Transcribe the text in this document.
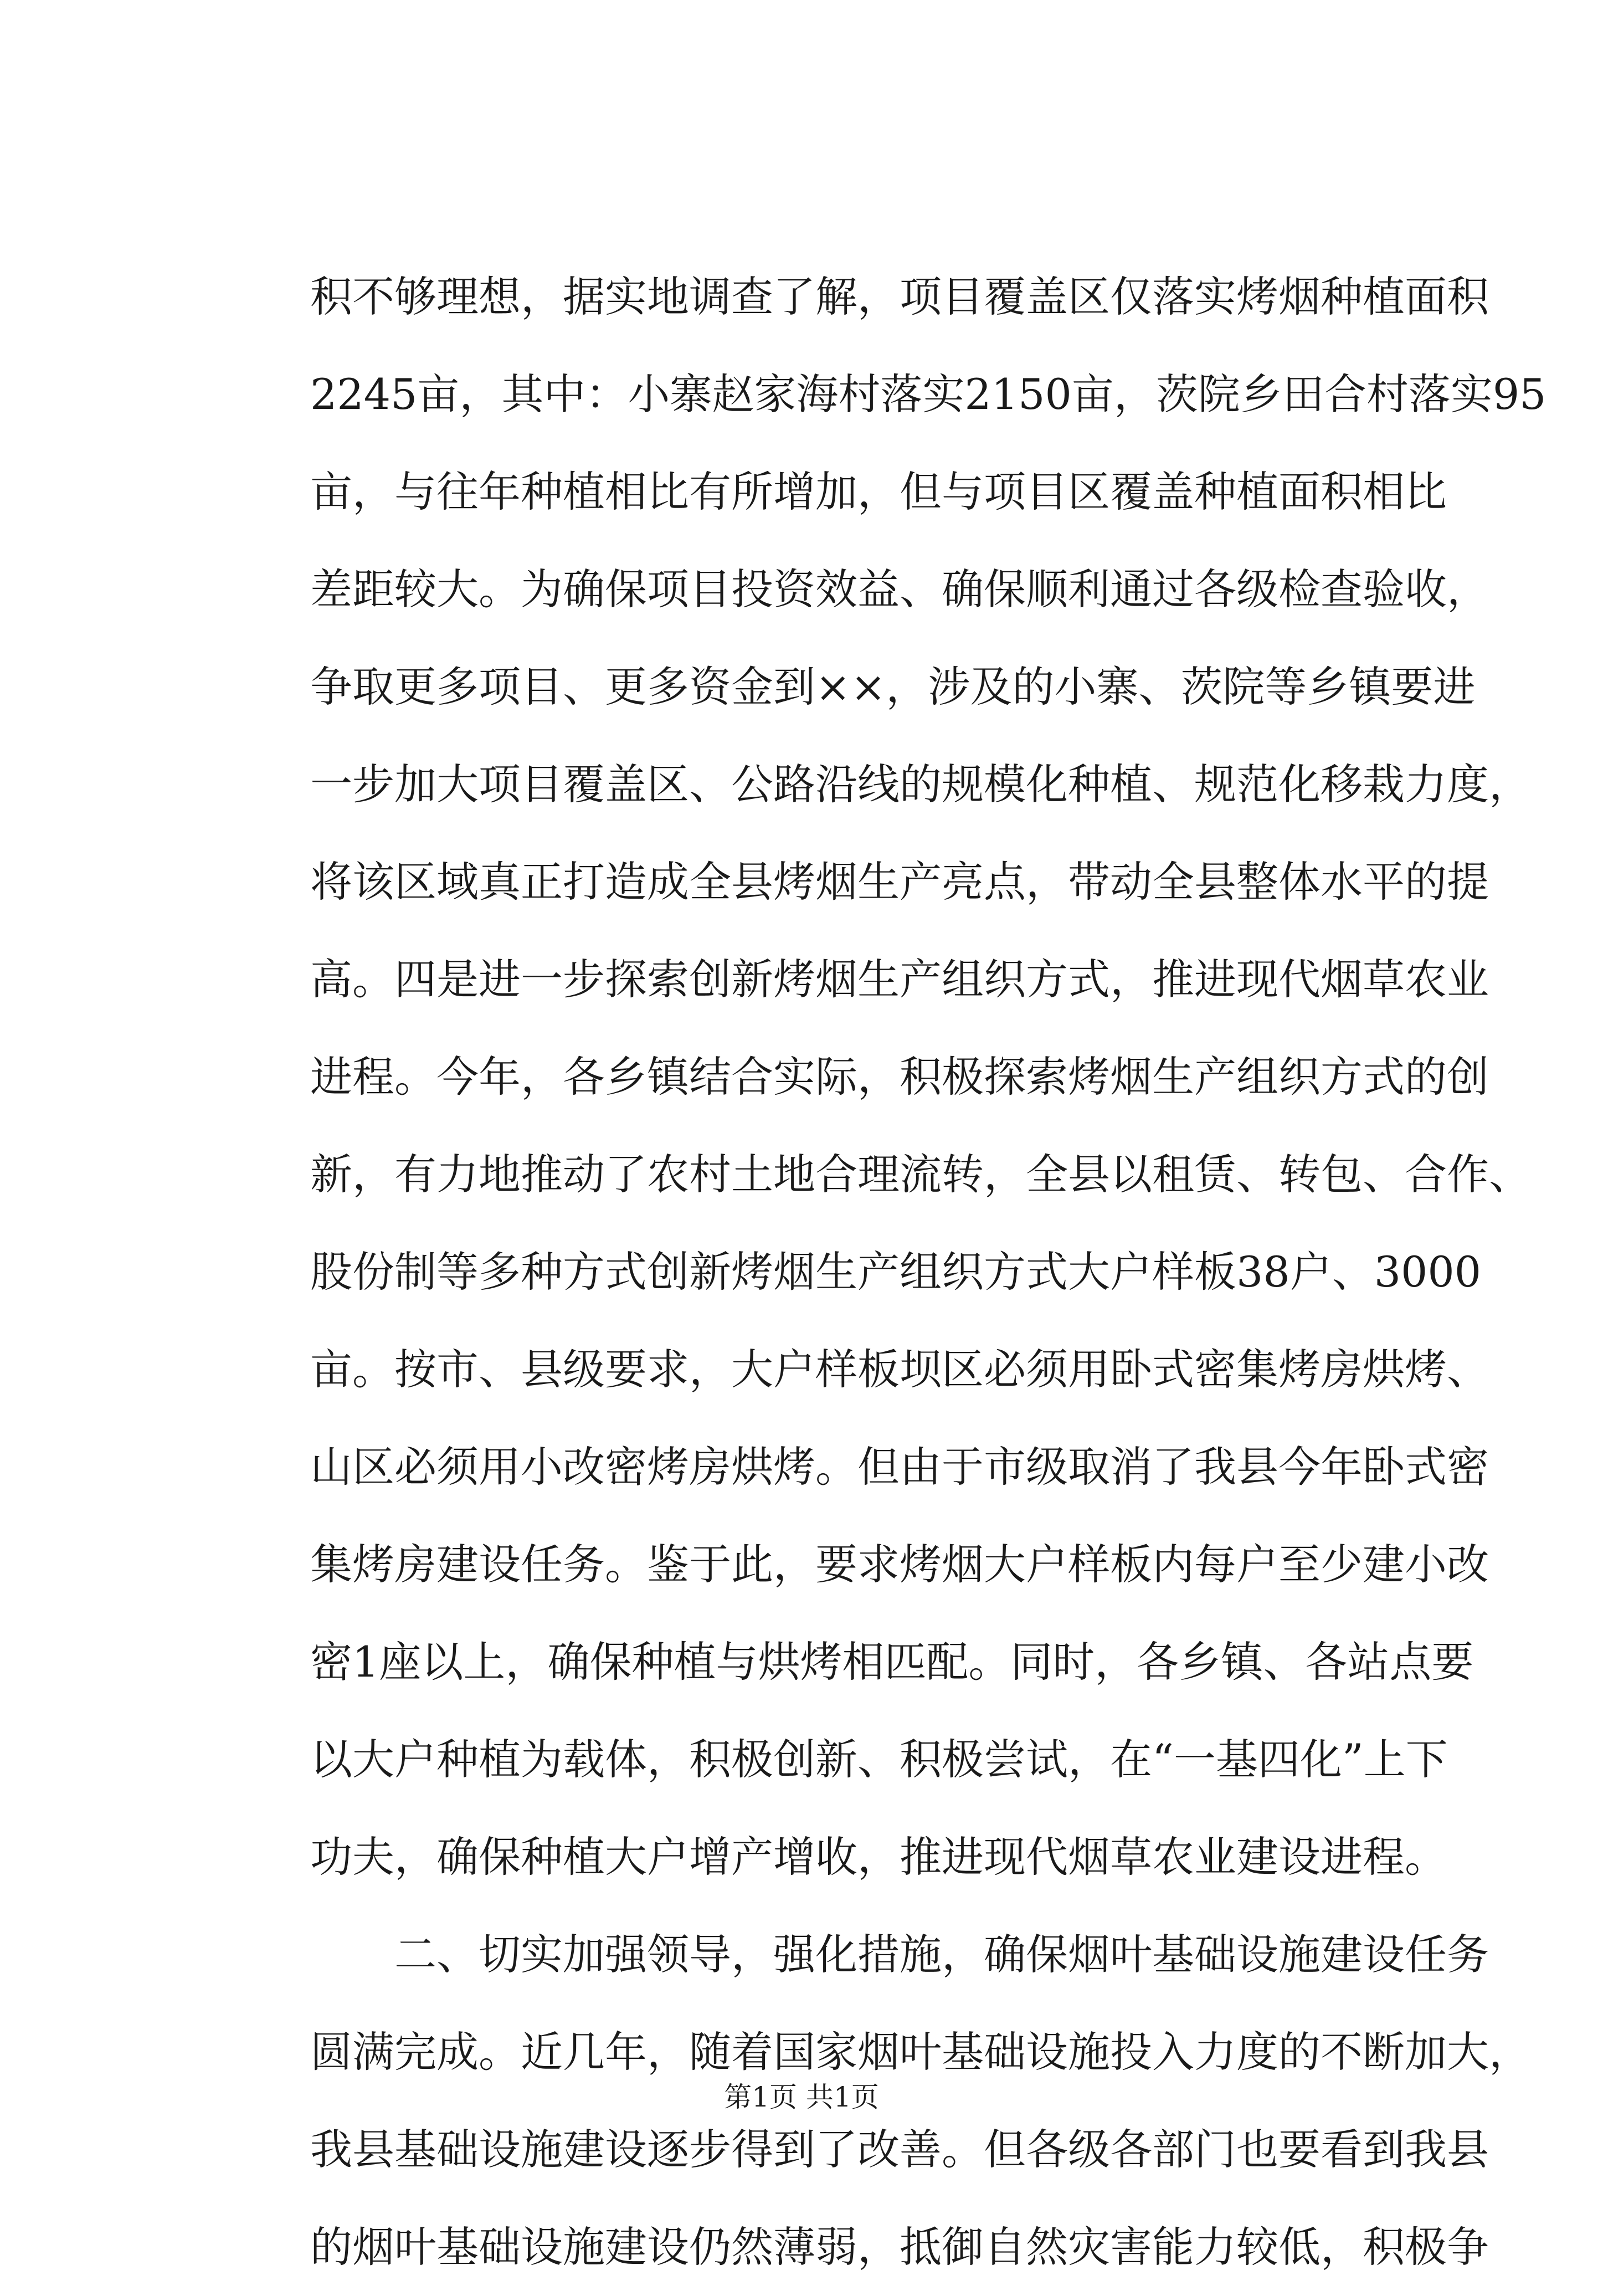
积不够理想，据实地调查了解，项目覆盖区仅落实烤烟种植面积
2245亩，其中：小寨赵家海村落实2150亩，茨院乡田合村落实95
亩，与往年种植相比有所增加，但与项目区覆盖种植面积相比
差距较大。为确保项目投资效益、确保顺利通过各级检查验收，
争取更多项目、更多资金到××，涉及的小寨、茨院等乡镇要进
一步加大项目覆盖区、公路沿线的规模化种植、规范化移栽力度，
将该区域真正打造成全县烤烟生产亮点，带动全县整体水平的提
高。四是进一步探索创新烤烟生产组织方式，推进现代烟草农业
进程。今年，各乡镇结合实际，积极探索烤烟生产组织方式的创
新，有力地推动了农村土地合理流转，全县以租赁、转包、合作、
股份制等多种方式创新烤烟生产组织方式大户样板38户、3000
亩。按市、县级要求，大户样板坝区必须用卧式密集烤房烘烤、
山区必须用小改密烤房烘烤。但由于市级取消了我县今年卧式密
集烤房建设任务。鉴于此，要求烤烟大户样板内每户至少建小改
密1座以上，确保种植与烘烤相匹配。同时，各乡镇、各站点要
以大户种植为载体，积极创新、积极尝试，在“一基四化”上下
功夫，确保种植大户增产增收，推进现代烟草农业建设进程。
二、切实加强领导，强化措施，确保烟叶基础设施建设任务
圆满完成。近几年，随着国家烟叶基础设施投入力度的不断加大，
我县基础设施建设逐步得到了改善。但各级各部门也要看到我县
的烟叶基础设施建设仍然薄弱，抵御自然灾害能力较低，积极争
第1页 共1页
